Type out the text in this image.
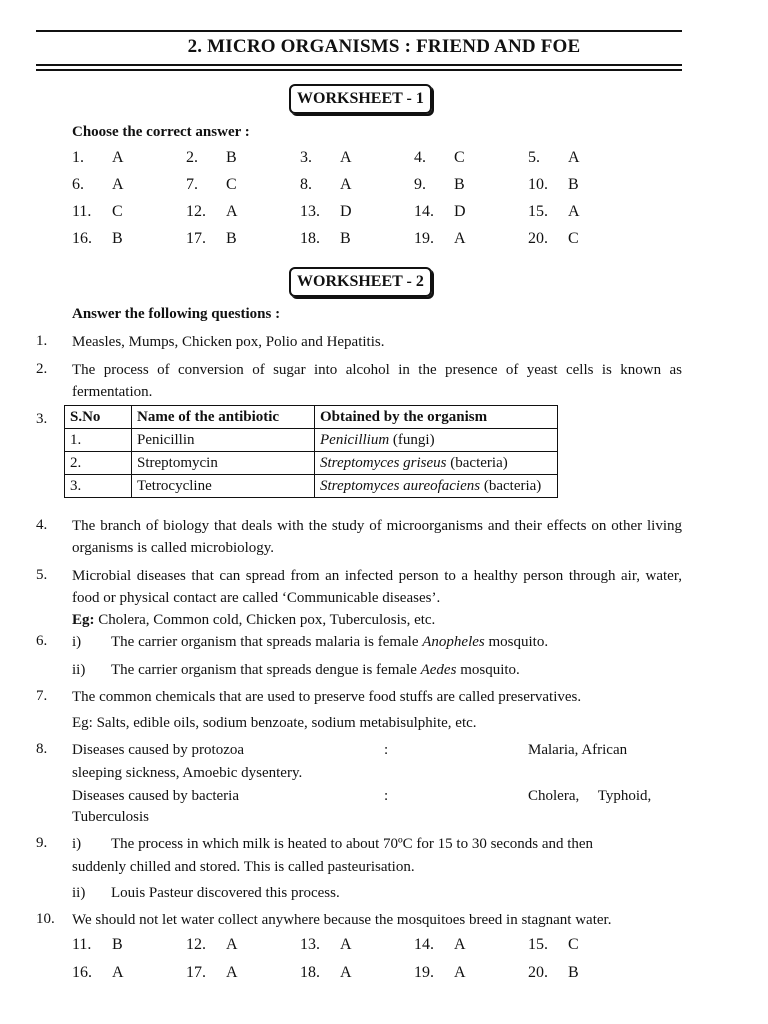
2. MICRO ORGANISMS : FRIEND AND FOE
WORKSHEET - 1
Choose the correct answer :
1. A	2. B	3. A	4. C	5. A
6. A	7. C	8. A	9. B	10. B
11. C	12. A	13. D	14. D	15. A
16. B	17. B	18. B	19. A	20. C
WORKSHEET - 2
Answer the following questions :
1. Measles, Mumps, Chicken pox, Polio and Hepatitis.
2. The process of conversion of sugar into alcohol in the presence of yeast cells is known as fermentation.
3. S.No	Name of the antibiotic	Obtained by the organism
1.	Penicillin	Penicillium (fungi)
2.	Streptomycin	Streptomyces griseus (bacteria)
3.	Tetrocycline	Streptomyces aureofaciens (bacteria)
4. The branch of biology that deals with the study of microorganisms and their effects on other living organisms is called microbiology.
5. Microbial diseases that can spread from an infected person to a healthy person through air, water, food or physical contact are called ‘Communicable diseases’.
Eg: Cholera, Common cold, Chicken pox, Tuberculosis, etc.
6. i) The carrier organism that spreads malaria is female Anopheles mosquito.
ii) The carrier organism that spreads dengue is female Aedes mosquito.
7. The common chemicals that are used to preserve food stuffs are called preservatives.
Eg: Salts, edible oils, sodium benzoate, sodium metabisulphite, etc.
8. Diseases caused by protozoa	:	Malaria, African
sleeping sickness, Amoebic dysentery.
Diseases caused by bacteria	:	Cholera,     Typhoid,
Tuberculosis
9. i) The process in which milk is heated to about 70ºC for 15 to 30 seconds and then
suddenly chilled and stored. This is called pasteurisation.
ii) Louis Pasteur discovered this process.
10. We should not let water collect anywhere because the mosquitoes breed in stagnant water.
11. B	12. A	13. A	14. A	15. C
16. A	17. A	18. A	19. A	20. B
